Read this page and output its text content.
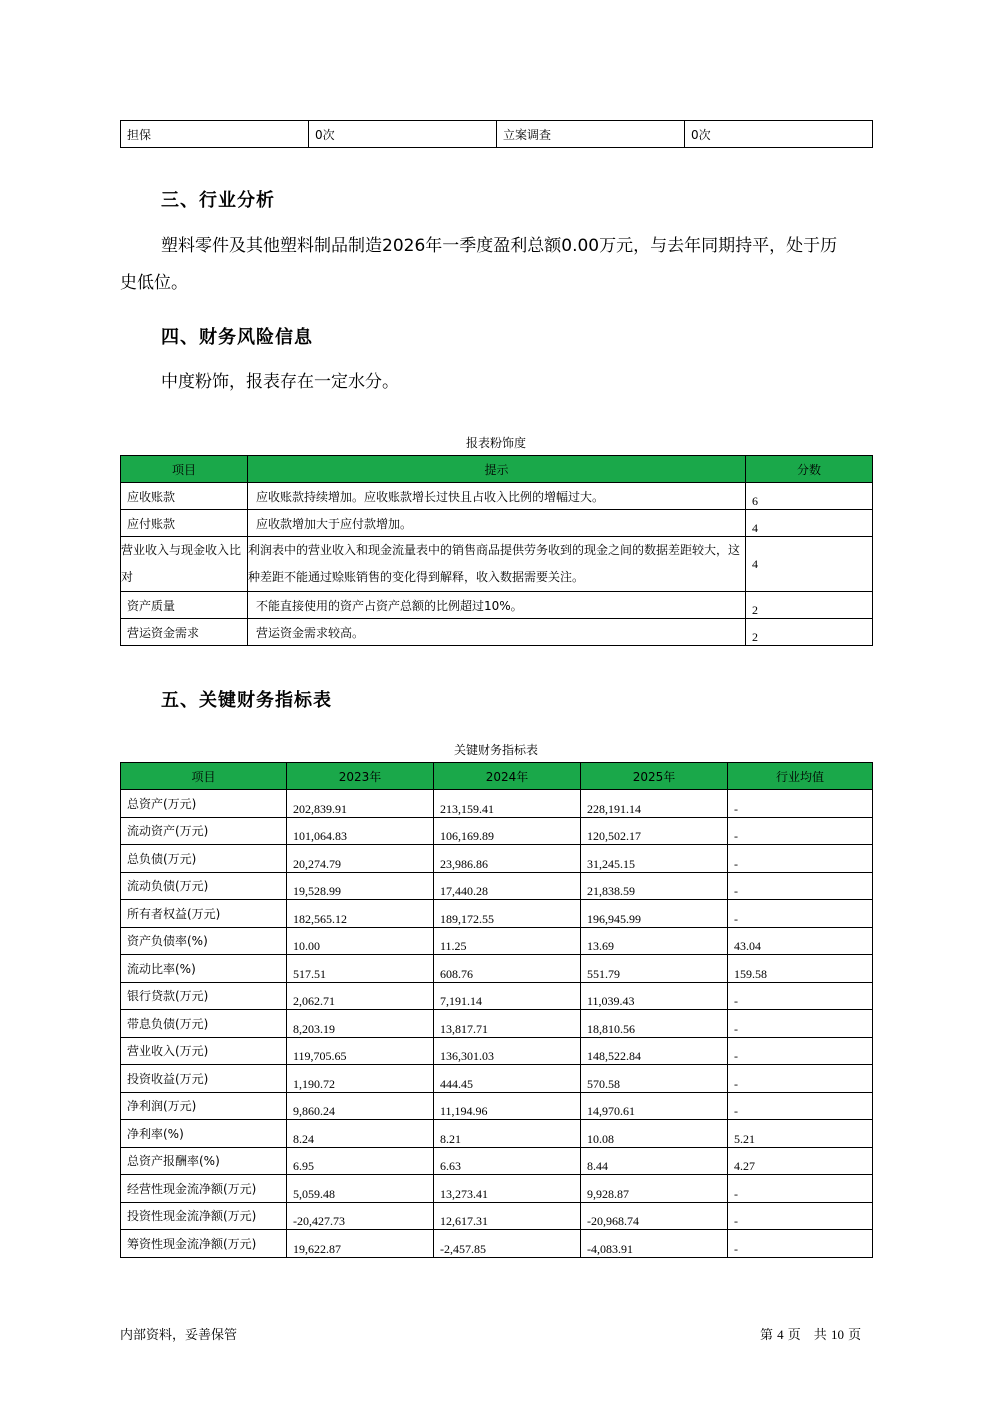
担保	0次	立案调查	0次
三、行业分析
塑料零件及其他塑料制品制造2026年一季度盈利总额0.00万元，与去年同期持平，处于历
史低位。
四、财务风险信息
中度粉饰，报表存在一定水分。
报表粉饰度
项目	提示	分数
应收账款	应收账款持续增加。应收账款增长过快且占收入比例的增幅过大。	6
应付账款	应收款增加大于应付款增加。	4
营业收入与现金收入比对	利润表中的营业收入和现金流量表中的销售商品提供劳务收到的现金之间的数据差距较大，这种差距不能通过赊账销售的变化得到解释，收入数据需要关注。	4
资产质量	不能直接使用的资产占资产总额的比例超过10%。	2
营运资金需求	营运资金需求较高。	2
五、关键财务指标表
关键财务指标表
项目	2023年	2024年	2025年	行业均值
总资产(万元)	202,839.91	213,159.41	228,191.14	-
流动资产(万元)	101,064.83	106,169.89	120,502.17	-
总负债(万元)	20,274.79	23,986.86	31,245.15	-
流动负债(万元)	19,528.99	17,440.28	21,838.59	-
所有者权益(万元)	182,565.12	189,172.55	196,945.99	-
资产负债率(%)	10.00	11.25	13.69	43.04
流动比率(%)	517.51	608.76	551.79	159.58
银行贷款(万元)	2,062.71	7,191.14	11,039.43	-
带息负债(万元)	8,203.19	13,817.71	18,810.56	-
营业收入(万元)	119,705.65	136,301.03	148,522.84	-
投资收益(万元)	1,190.72	444.45	570.58	-
净利润(万元)	9,860.24	11,194.96	14,970.61	-
净利率(%)	8.24	8.21	10.08	5.21
总资产报酬率(%)	6.95	6.63	8.44	4.27
经营性现金流净额(万元)	5,059.48	13,273.41	9,928.87	-
投资性现金流净额(万元)	-20,427.73	12,617.31	-20,968.74	-
筹资性现金流净额(万元)	19,622.87	-2,457.85	-4,083.91	-
内部资料，妥善保管	第 4 页　共 10 页
